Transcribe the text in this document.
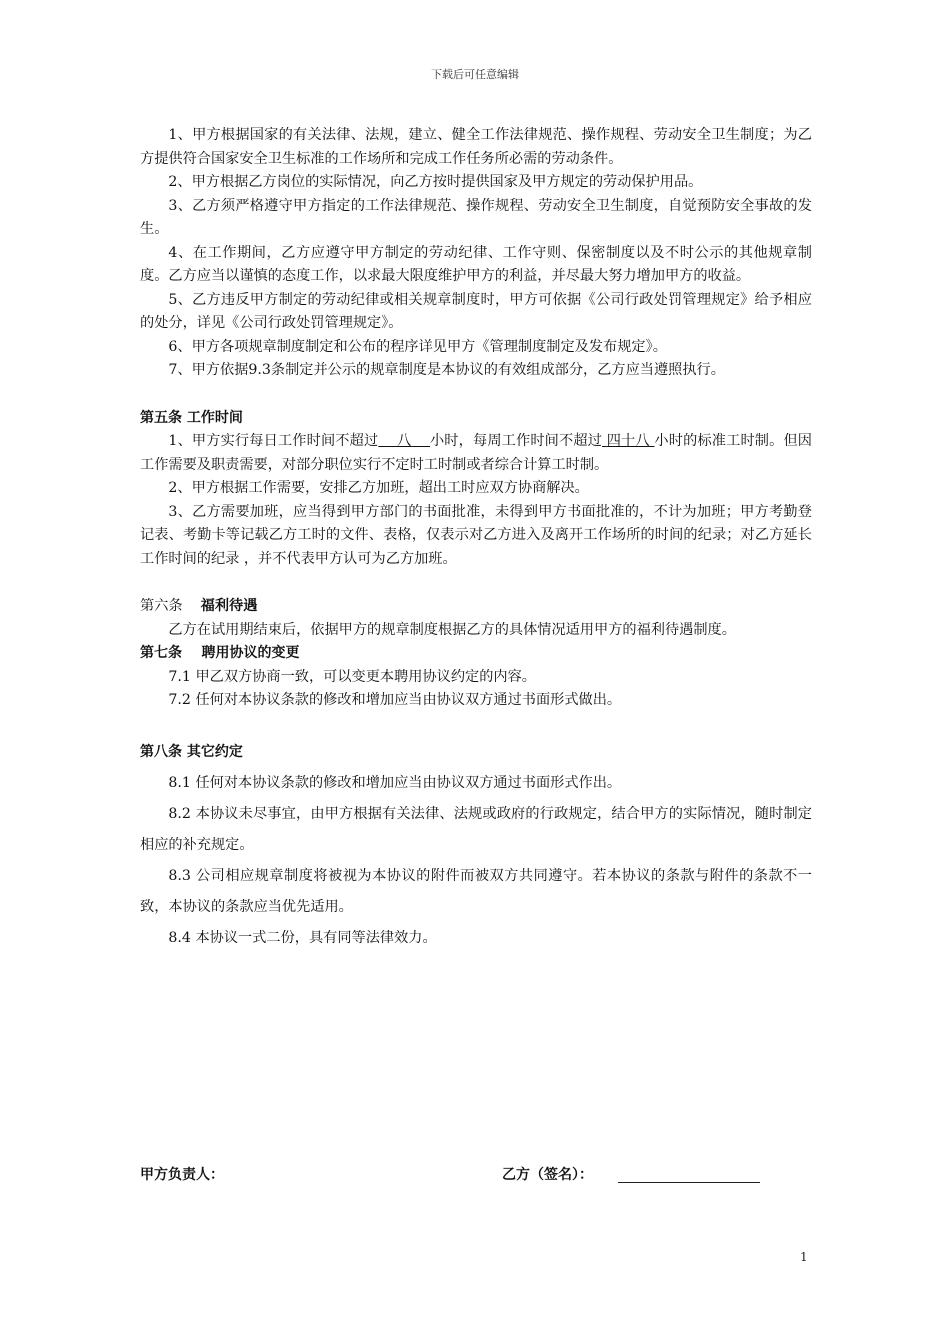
下载后可任意编辑

1、甲方根据国家的有关法律、法规，建立、健全工作法律规范、操作规程、劳动安全卫生制度；为乙方提供符合国家安全卫生标准的工作场所和完成工作任务所必需的劳动条件。

2、甲方根据乙方岗位的实际情况，向乙方按时提供国家及甲方规定的劳动保护用品。

3、乙方须严格遵守甲方指定的工作法律规范、操作规程、劳动安全卫生制度，自觉预防安全事故的发生。

4、在工作期间，乙方应遵守甲方制定的劳动纪律、工作守则、保密制度以及不时公示的其他规章制度。乙方应当以谨慎的态度工作，以求最大限度维护甲方的利益，并尽最大努力增加甲方的收益。

5、乙方违反甲方制定的劳动纪律或相关规章制度时，甲方可依据《公司行政处罚管理规定》给予相应的处分，详见《公司行政处罚管理规定》。

6、甲方各项规章制度制定和公布的程序详见甲方《管理制度制定及发布规定》。

7、甲方依据9.3条制定并公示的规章制度是本协议的有效组成部分，乙方应当遵照执行。

第五条 工作时间

1、甲方实行每日工作时间不超过 八 小时，每周工作时间不超过 四十八 小时的标准工时制。但因工作需要及职责需要，对部分职位实行不定时工时制或者综合计算工时制。

2、甲方根据工作需要，安排乙方加班，超出工时应双方协商解决。

3、乙方需要加班，应当得到甲方部门的书面批准，未得到甲方书面批准的，不计为加班；甲方考勤登记表、考勤卡等记载乙方工时的文件、表格，仅表示对乙方进入及离开工作场所的时间的纪录；对乙方延长工作时间的纪录 ，并不代表甲方认可为乙方加班。

第六条 福利待遇

乙方在试用期结束后，依据甲方的规章制度根据乙方的具体情况适用甲方的福利待遇制度。

第七条 聘用协议的变更

7.1 甲乙双方协商一致，可以变更本聘用协议约定的内容。

7.2 任何对本协议条款的修改和增加应当由协议双方通过书面形式做出。

第八条 其它约定

8.1 任何对本协议条款的修改和增加应当由协议双方通过书面形式作出。

8.2 本协议未尽事宜，由甲方根据有关法律、法规或政府的行政规定，结合甲方的实际情况，随时制定相应的补充规定。

8.3 公司相应规章制度将被视为本协议的附件而被双方共同遵守。若本协议的条款与附件的条款不一致，本协议的条款应当优先适用。

8.4 本协议一式二份，具有同等法律效力。

甲方负责人：	乙方（签名）：
1
